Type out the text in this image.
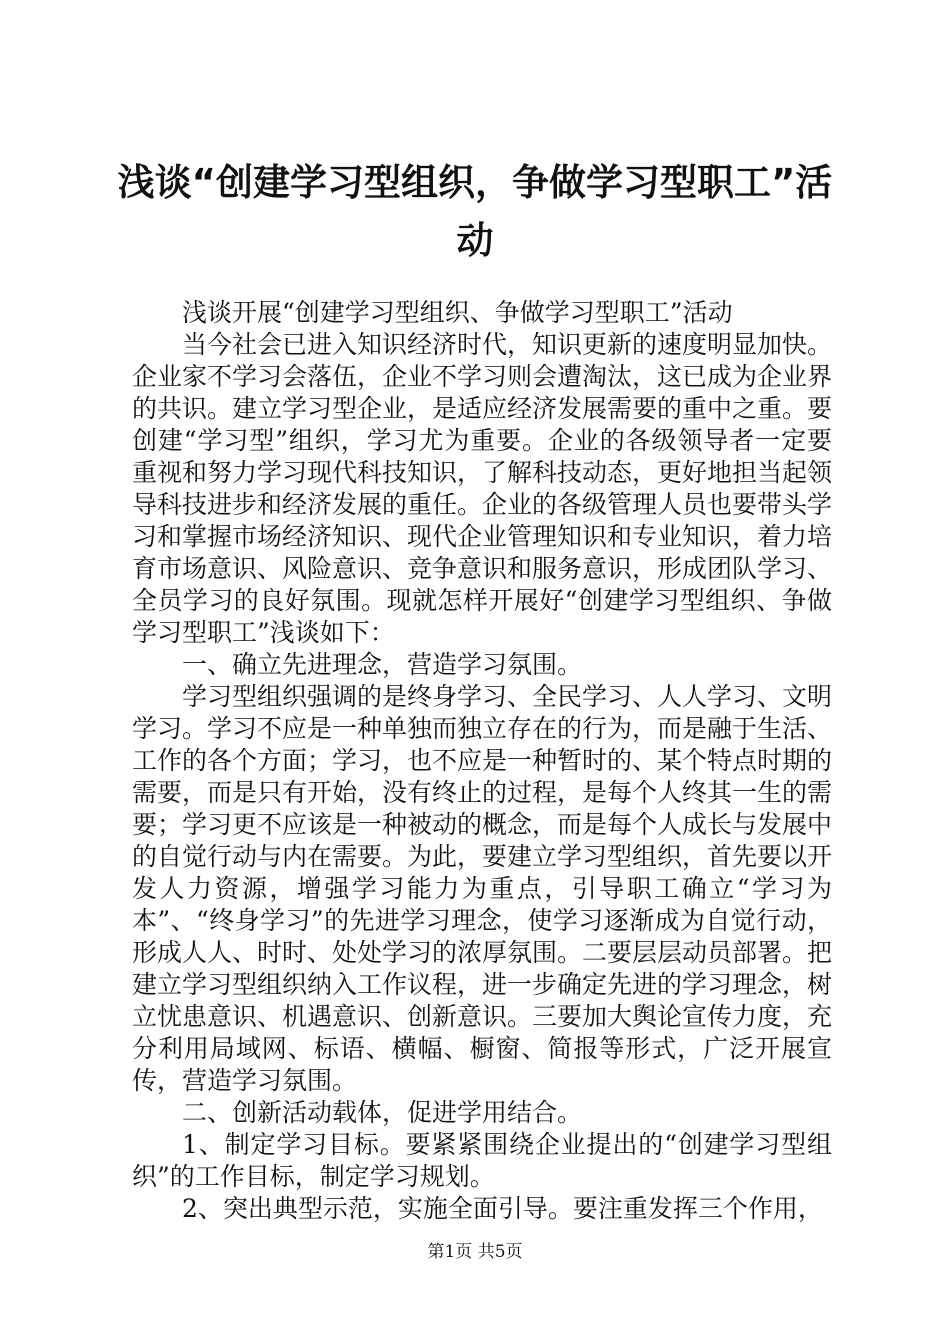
浅谈“创建学习型组织，争做学习型职工”活动

浅谈开展“创建学习型组织、争做学习型职工”活动

当今社会已进入知识经济时代，知识更新的速度明显加快。企业家不学习会落伍，企业不学习则会遭淘汰，这已成为企业界的共识。建立学习型企业，是适应经济发展需要的重中之重。要创建“学习型”组织，学习尤为重要。企业的各级领导者一定要重视和努力学习现代科技知识，了解科技动态，更好地担当起领导科技进步和经济发展的重任。企业的各级管理人员也要带头学习和掌握市场经济知识、现代企业管理知识和专业知识，着力培育市场意识、风险意识、竞争意识和服务意识，形成团队学习、全员学习的良好氛围。现就怎样开展好“创建学习型组织、争做学习型职工”浅谈如下：

一、确立先进理念，营造学习氛围。

学习型组织强调的是终身学习、全民学习、人人学习、文明学习。学习不应是一种单独而独立存在的行为，而是融于生活、工作的各个方面；学习，也不应是一种暂时的、某个特点时期的需要，而是只有开始，没有终止的过程，是每个人终其一生的需要；学习更不应该是一种被动的概念，而是每个人成长与发展中的自觉行动与内在需要。为此，要建立学习型组织，首先要以开发人力资源，增强学习能力为重点，引导职工确立“学习为本”、“终身学习”的先进学习理念，使学习逐渐成为自觉行动，形成人人、时时、处处学习的浓厚氛围。二要层层动员部署。把建立学习型组织纳入工作议程，进一步确定先进的学习理念，树立忧患意识、机遇意识、创新意识。三要加大舆论宣传力度，充分利用局域网、标语、横幅、橱窗、简报等形式，广泛开展宣传，营造学习氛围。

二、创新活动载体，促进学用结合。

1、制定学习目标。要紧紧围绕企业提出的“创建学习型组织”的工作目标，制定学习规划。

2、突出典型示范，实施全面引导。要注重发挥三个作用，

第1页 共5页
